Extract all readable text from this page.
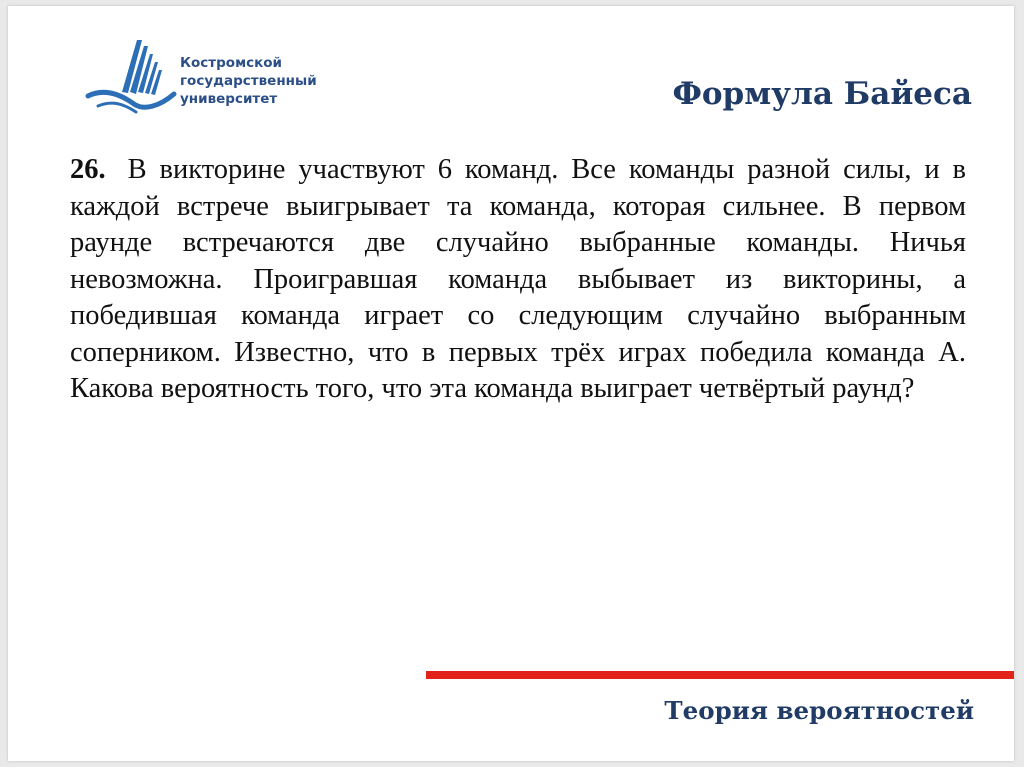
Костромской
государственный
университет	Формула Байеса
26. В викторине участвуют 6 команд. Все команды разной силы, и в каждой встрече выигрывает та команда, которая сильнее. В первом раунде встречаются две случайно выбранные команды. Ничья невозможна. Проигравшая команда выбывает из викторины, а победившая команда играет со следующим случайно выбранным соперником. Известно, что в первых трёх играх победила команда А. Какова вероятность того, что эта команда выиграет четвёртый раунд?
Теория вероятностей
